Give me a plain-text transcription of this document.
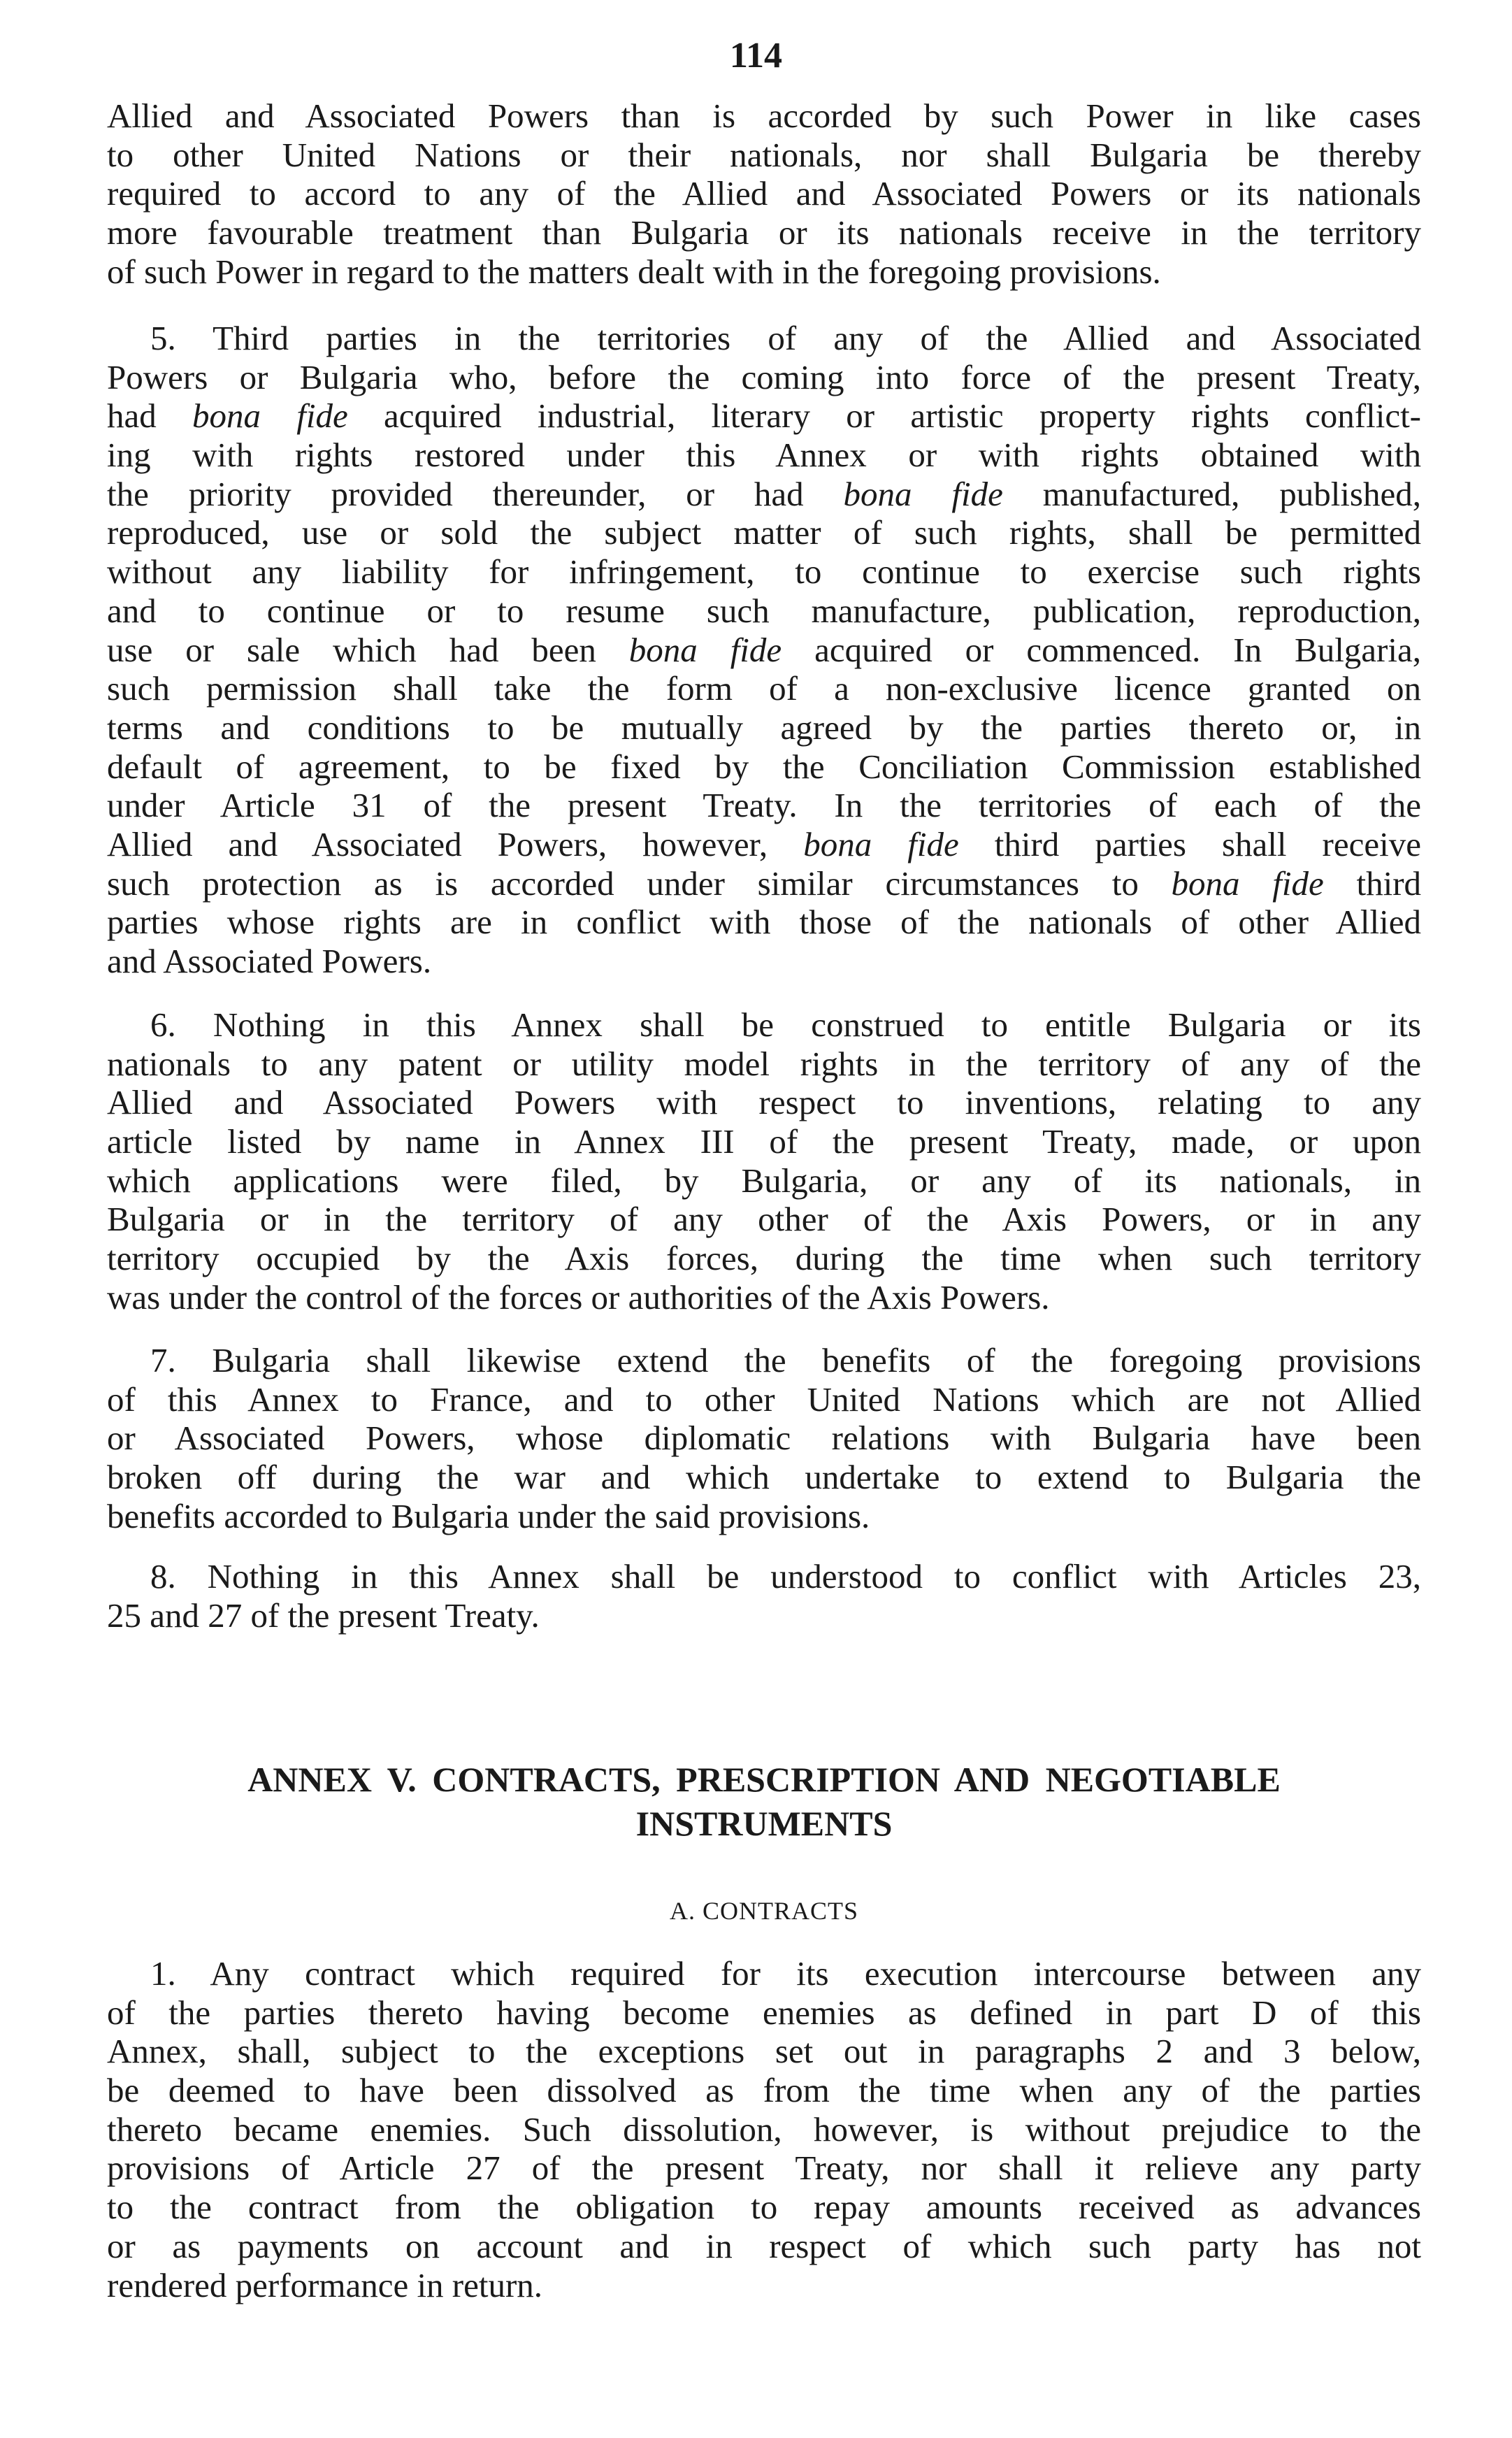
114
Allied and Associated Powers than is accorded by such Power in like cases
to other United Nations or their nationals, nor shall Bulgaria be thereby
required to accord to any of the Allied and Associated Powers or its nationals
more favourable treatment than Bulgaria or its nationals receive in the territory
of such Power in regard to the matters dealt with in the foregoing provisions.
5. Third parties in the territories of any of the Allied and Associated
Powers or Bulgaria who, before the coming into force of the present Treaty,
had bona fide acquired industrial, literary or artistic property rights conflict-
ing with rights restored under this Annex or with rights obtained with
the priority provided thereunder, or had bona fide manufactured, published,
reproduced, use or sold the subject matter of such rights, shall be permitted
without any liability for infringement, to continue to exercise such rights
and to continue or to resume such manufacture, publication, reproduction,
use or sale which had been bona fide acquired or commenced. In Bulgaria,
such permission shall take the form of a non-exclusive licence granted on
terms and conditions to be mutually agreed by the parties thereto or, in
default of agreement, to be fixed by the Conciliation Commission established
under Article 31 of the present Treaty. In the territories of each of the
Allied and Associated Powers, however, bona fide third parties shall receive
such protection as is accorded under similar circumstances to bona fide third
parties whose rights are in conflict with those of the nationals of other Allied
and Associated Powers.
6. Nothing in this Annex shall be construed to entitle Bulgaria or its
nationals to any patent or utility model rights in the territory of any of the
Allied and Associated Powers with respect to inventions, relating to any
article listed by name in Annex III of the present Treaty, made, or upon
which applications were filed, by Bulgaria, or any of its nationals, in
Bulgaria or in the territory of any other of the Axis Powers, or in any
territory occupied by the Axis forces, during the time when such territory
was under the control of the forces or authorities of the Axis Powers.
7. Bulgaria shall likewise extend the benefits of the foregoing provisions
of this Annex to France, and to other United Nations which are not Allied
or Associated Powers, whose diplomatic relations with Bulgaria have been
broken off during the war and which undertake to extend to Bulgaria the
benefits accorded to Bulgaria under the said provisions.
8. Nothing in this Annex shall be understood to conflict with Articles 23,
25 and 27 of the present Treaty.
ANNEX V. CONTRACTS, PRESCRIPTION AND NEGOTIABLE
INSTRUMENTS
A. CONTRACTS
1. Any contract which required for its execution intercourse between any
of the parties thereto having become enemies as defined in part D of this
Annex, shall, subject to the exceptions set out in paragraphs 2 and 3 below,
be deemed to have been dissolved as from the time when any of the parties
thereto became enemies. Such dissolution, however, is without prejudice to the
provisions of Article 27 of the present Treaty, nor shall it relieve any party
to the contract from the obligation to repay amounts received as advances
or as payments on account and in respect of which such party has not
rendered performance in return.
